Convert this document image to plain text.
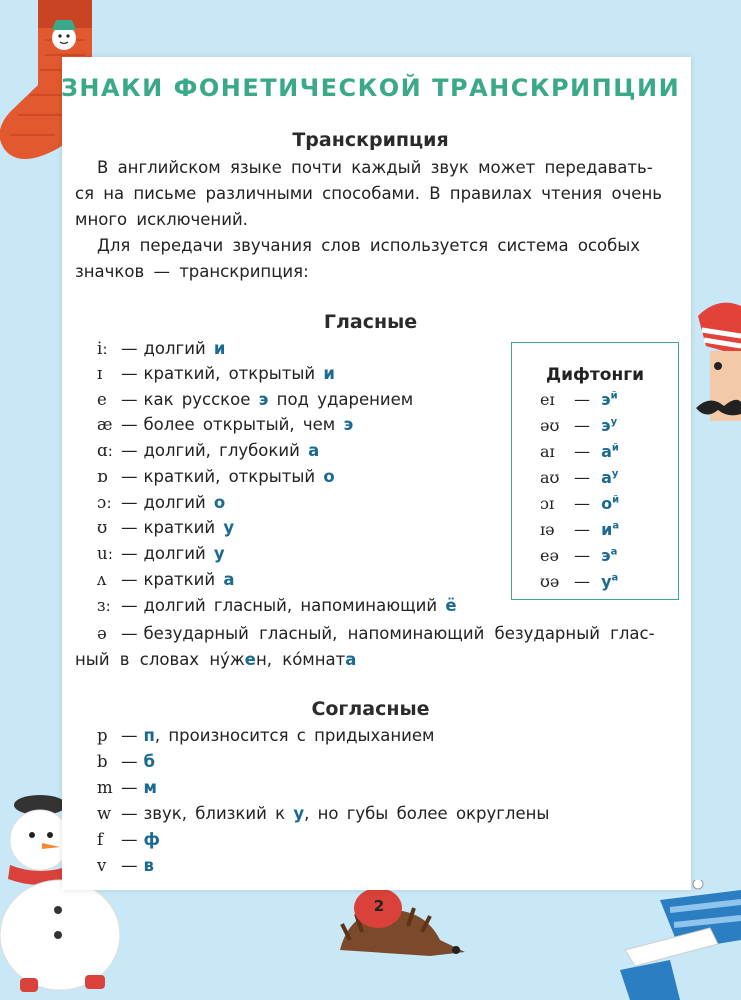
ЗНАКИ ФОНЕТИЧЕСКОЙ ТРАНСКРИПЦИИ
Транскрипция
В английском языке почти каждый звук может передавать-
ся на письме различными способами. В правилах чтения очень
много исключений.
Для передачи звучания слов используется система особых
значков — транскрипция:
Гласные
iː — долгий и
ɪ — краткий, открытый и
e — как русское э под ударением
æ — более открытый, чем э
ɑː — долгий, глубокий а
ɒ — краткий, открытый о
ɔː — долгий о
ʊ — краткий у
uː — долгий у
ʌ — краткий а
ɜː — долгий гласный, напоминающий ё
ə — безударный гласный, напоминающий безударный глас-
ный в словах ну́жен, ко́мната
Дифтонги
eɪ — $э^й$
əʊ — $э^у$
aɪ — $а^й$
aʊ — $а^у$
ɔɪ — $о^й$
ɪə — $и^а$
eə — $э^а$
ʊə — $у^а$
Согласные
p — п, произносится с придыханием
b — б
m — м
w — звук, близкий к у, но губы более округлены
f — ф
v — в
2
